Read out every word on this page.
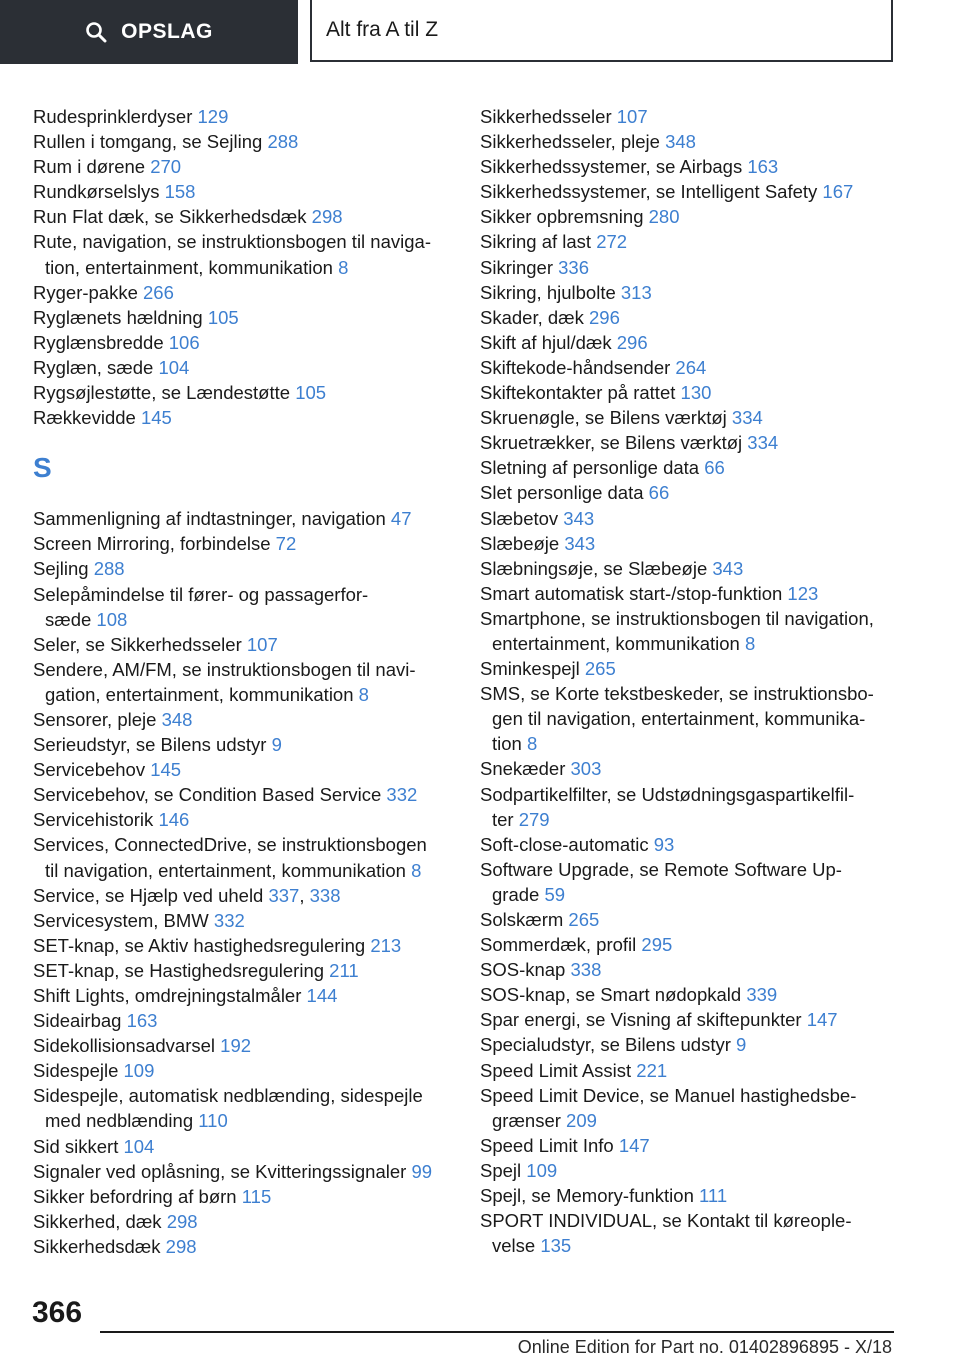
OPSLAG	Alt fra A til Z
Rudesprinklerdyser 129
Rullen i tomgang, se Sejling 288
Rum i dørene 270
Rundkørselslys 158
Run Flat dæk, se Sikkerhedsdæk 298
Rute, navigation, se instruktionsbogen til naviga-
tion, entertainment, kommunikation 8
Ryger-pakke 266
Ryglænets hældning 105
Ryglænsbredde 106
Ryglæn, sæde 104
Rygsøjlestøtte, se Lændestøtte 105
Rækkevidde 145
S
Sammenligning af indtastninger, navigation 47
Screen Mirroring, forbindelse 72
Sejling 288
Selepåmindelse til fører- og passagerfor-
sæde 108
Seler, se Sikkerhedsseler 107
Sendere, AM/FM, se instruktionsbogen til navi-
gation, entertainment, kommunikation 8
Sensorer, pleje 348
Serieudstyr, se Bilens udstyr 9
Servicebehov 145
Servicebehov, se Condition Based Service 332
Servicehistorik 146
Services, ConnectedDrive, se instruktionsbogen
til navigation, entertainment, kommunikation 8
Service, se Hjælp ved uheld 337, 338
Servicesystem, BMW 332
SET-knap, se Aktiv hastighedsregulering 213
SET-knap, se Hastighedsregulering 211
Shift Lights, omdrejningstalmåler 144
Sideairbag 163
Sidekollisionsadvarsel 192
Sidespejle 109
Sidespejle, automatisk nedblænding, sidespejle
med nedblænding 110
Sid sikkert 104
Signaler ved oplåsning, se Kvitteringssignaler 99
Sikker befordring af børn 115
Sikkerhed, dæk 298
Sikkerhedsdæk 298
Sikkerhedsseler 107
Sikkerhedsseler, pleje 348
Sikkerhedssystemer, se Airbags 163
Sikkerhedssystemer, se Intelligent Safety 167
Sikker opbremsning 280
Sikring af last 272
Sikringer 336
Sikring, hjulbolte 313
Skader, dæk 296
Skift af hjul/dæk 296
Skiftekode-håndsender 264
Skiftekontakter på rattet 130
Skruenøgle, se Bilens værktøj 334
Skruetrækker, se Bilens værktøj 334
Sletning af personlige data 66
Slet personlige data 66
Slæbetov 343
Slæbeøje 343
Slæbningsøje, se Slæbeøje 343
Smart automatisk start-/stop-funktion 123
Smartphone, se instruktionsbogen til navigation,
entertainment, kommunikation 8
Sminkespejl 265
SMS, se Korte tekstbeskeder, se instruktionsbo-
gen til navigation, entertainment, kommunika-
tion 8
Snekæder 303
Sodpartikelfilter, se Udstødningsgaspartikelfil-
ter 279
Soft-close-automatic 93
Software Upgrade, se Remote Software Up-
grade 59
Solskærm 265
Sommerdæk, profil 295
SOS-knap 338
SOS-knap, se Smart nødopkald 339
Spar energi, se Visning af skiftepunkter 147
Specialudstyr, se Bilens udstyr 9
Speed Limit Assist 221
Speed Limit Device, se Manuel hastighedsbe-
grænser 209
Speed Limit Info 147
Spejl 109
Spejl, se Memory-funktion 111
SPORT INDIVIDUAL, se Kontakt til køreople-
velse 135
366
Online Edition for Part no. 01402896895 - X/18
